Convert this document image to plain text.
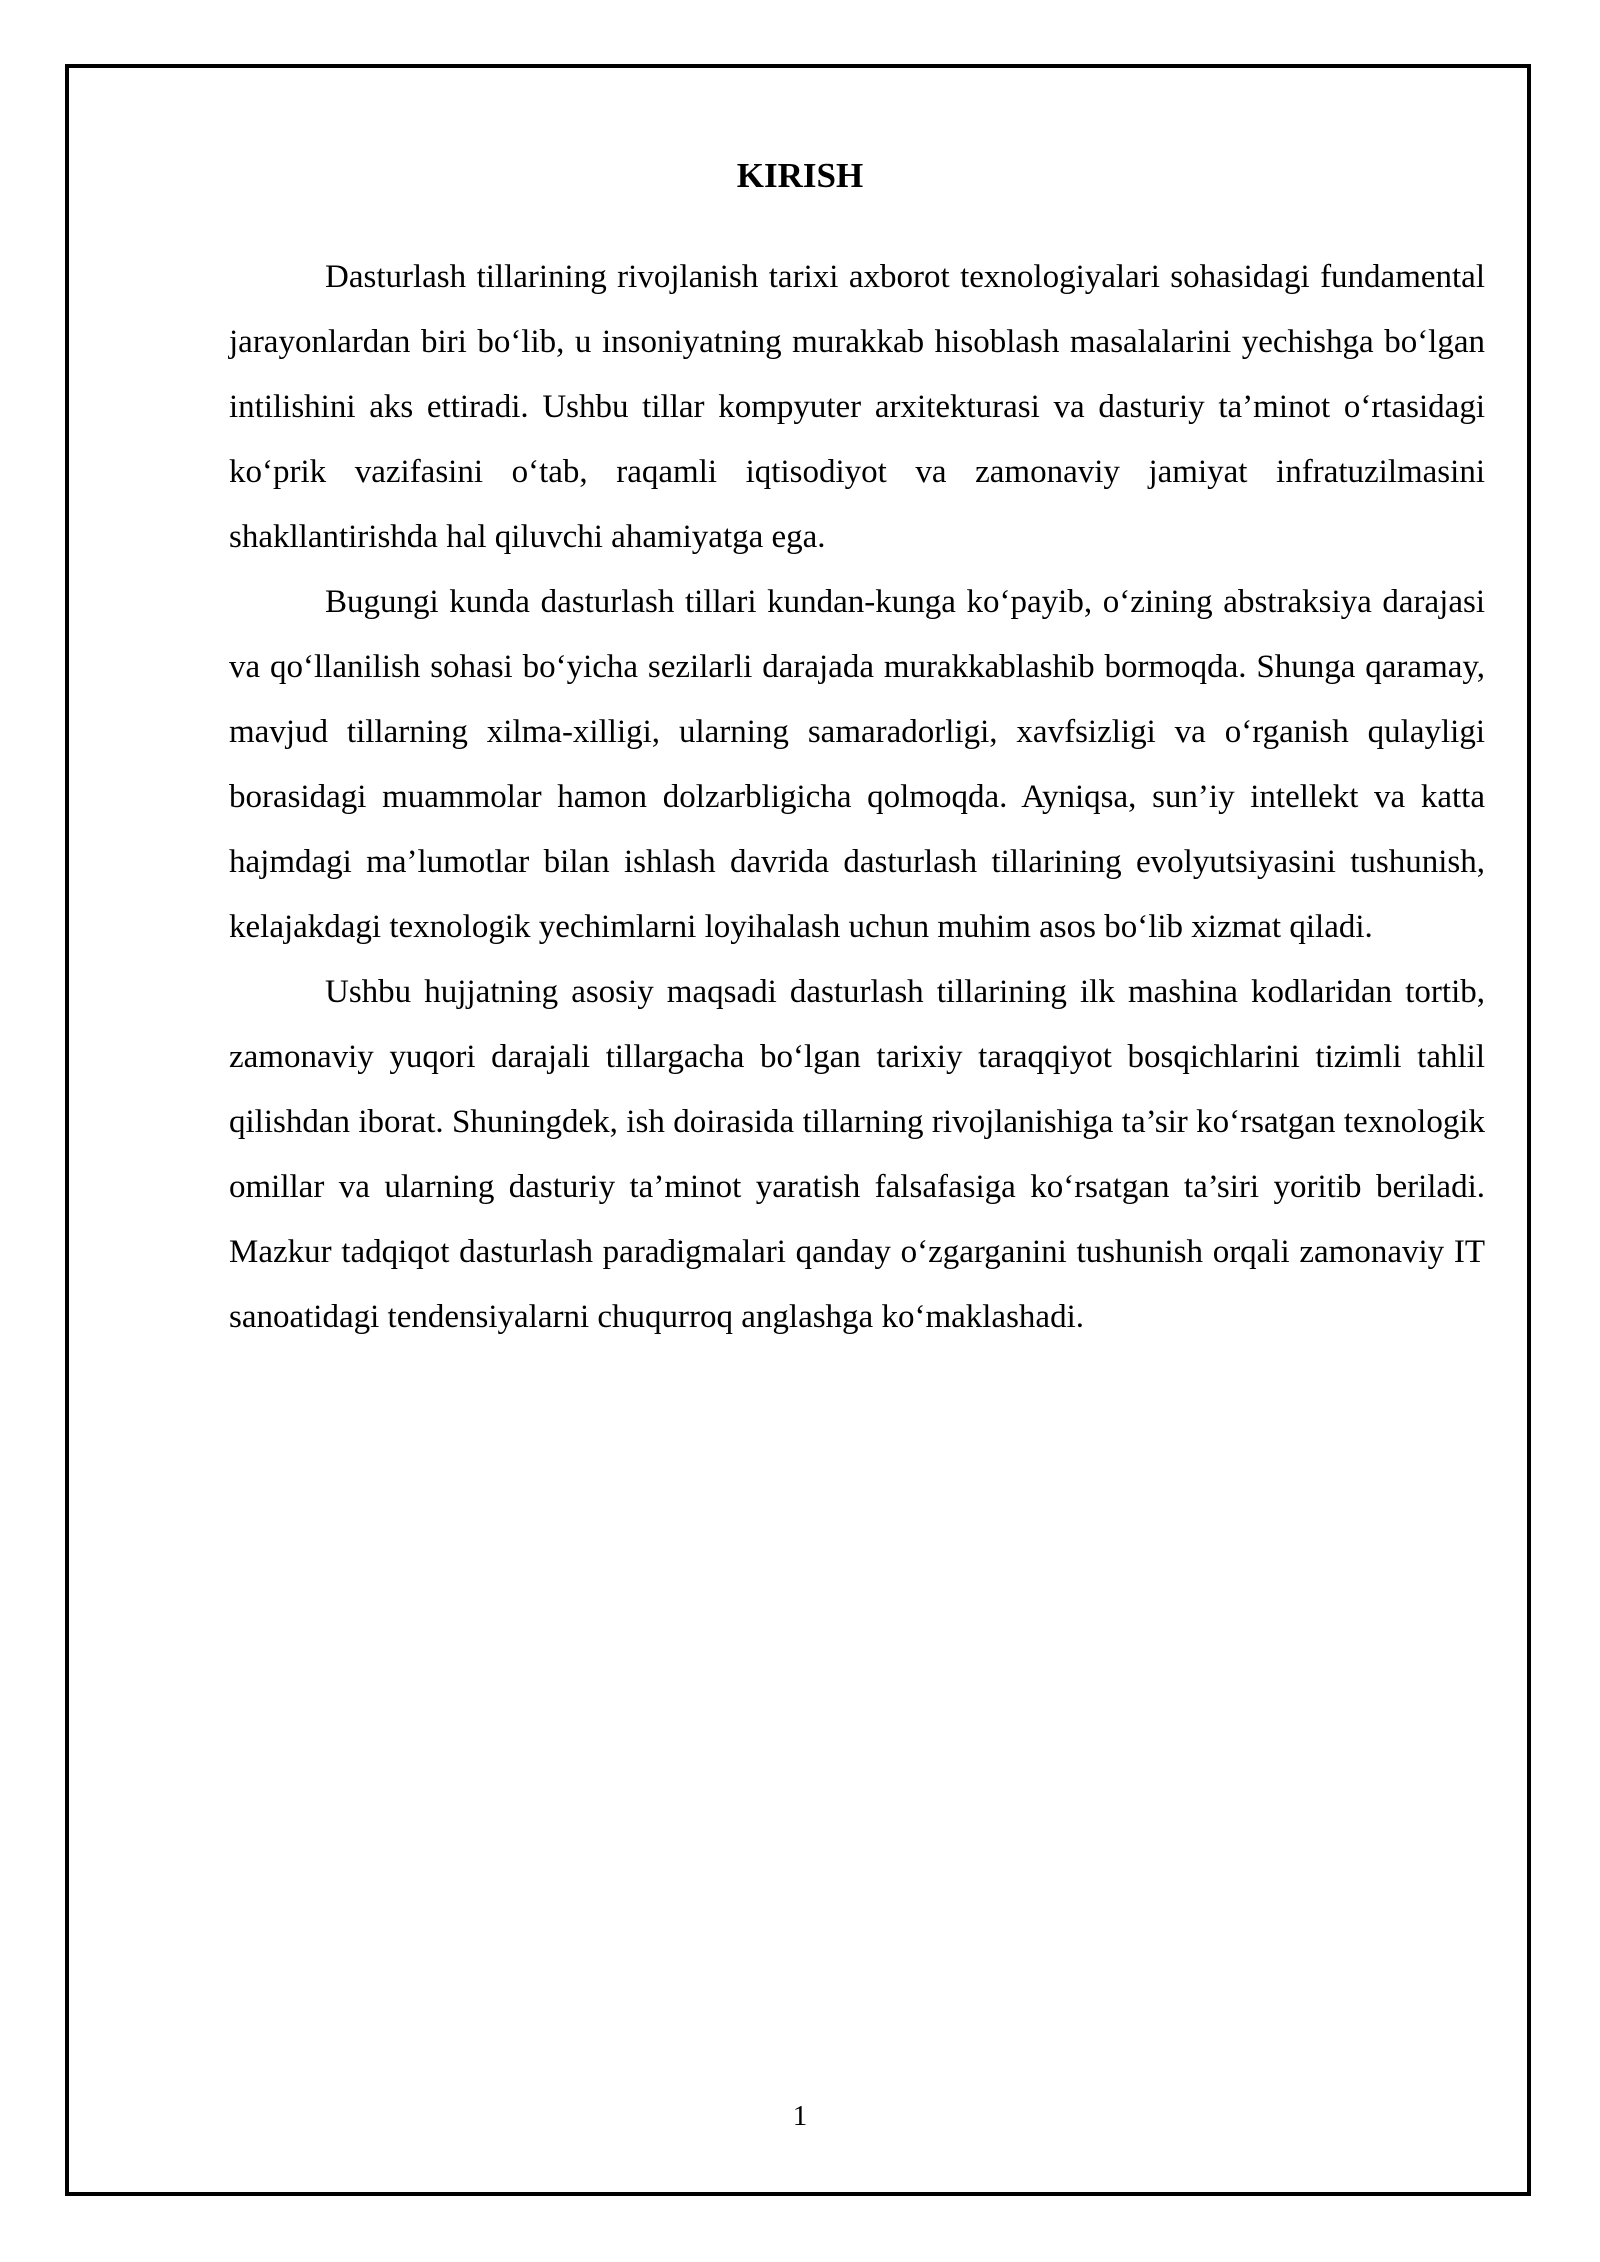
KIRISH

Dasturlash tillarining rivojlanish tarixi axborot texnologiyalari sohasidagi fundamental jarayonlardan biri bo‘lib, u insoniyatning murakkab hisoblash masalalarini yechishga bo‘lgan intilishini aks ettiradi. Ushbu tillar kompyuter arxitekturasi va dasturiy ta’minot o‘rtasidagi ko‘prik vazifasini o‘tab, raqamli iqtisodiyot va zamonaviy jamiyat infratuzilmasini shakllantirishda hal qiluvchi ahamiyatga ega.

Bugungi kunda dasturlash tillari kundan-kunga ko‘payib, o‘zining abstraksiya darajasi va qo‘llanilish sohasi bo‘yicha sezilarli darajada murakkablashib bormoqda. Shunga qaramay, mavjud tillarning xilma-xilligi, ularning samaradorligi, xavfsizligi va o‘rganish qulayligi borasidagi muammolar hamon dolzarbligicha qolmoqda. Ayniqsa, sun’iy intellekt va katta hajmdagi ma’lumotlar bilan ishlash davrida dasturlash tillarining evolyutsiyasini tushunish, kelajakdagi texnologik yechimlarni loyihalash uchun muhim asos bo‘lib xizmat qiladi.

Ushbu hujjatning asosiy maqsadi dasturlash tillarining ilk mashina kodlaridan tortib, zamonaviy yuqori darajali tillargacha bo‘lgan tarixiy taraqqiyot bosqichlarini tizimli tahlil qilishdan iborat. Shuningdek, ish doirasida tillarning rivojlanishiga ta’sir ko‘rsatgan texnologik omillar va ularning dasturiy ta’minot yaratish falsafasiga ko‘rsatgan ta’siri yoritib beriladi. Mazkur tadqiqot dasturlash paradigmalari qanday o‘zgarganini tushunish orqali zamonaviy IT sanoatidagi tendensiyalarni chuqurroq anglashga ko‘maklashadi.

1
